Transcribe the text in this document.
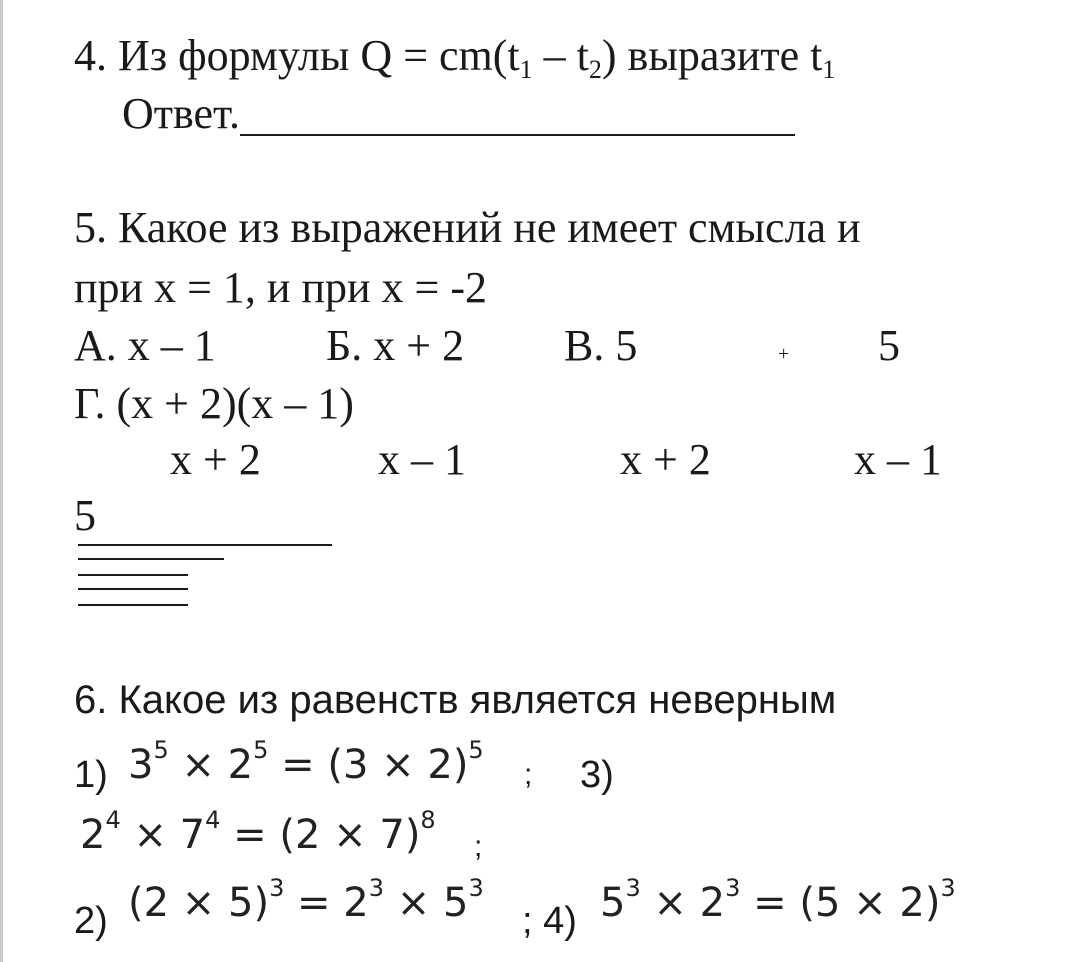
4. Из формулы $Q = cm(t_1 - t_2)$ выразите $t_1$
Ответ.
5. Какое из выражений не имеет смысла и
при х = 1, и при х = -2
А. х – 1	Б. х + 2 В. 5	+ 5
Г. (х + 2)(х – 1)
х + 2	х – 1	х + 2	х – 1
5
6. Какое из равенств является неверным
1) $3^5 \times 2^5 = (3 \times 2)^5$
; 3)
$2^4 \times 7^4 = (2 \times 7)^8$
;
2) $(2 \times 5)^3 = 2^3 \times 5^3$
; 4) $5^3 \times 2^3 = (5 \times 2)^3$
